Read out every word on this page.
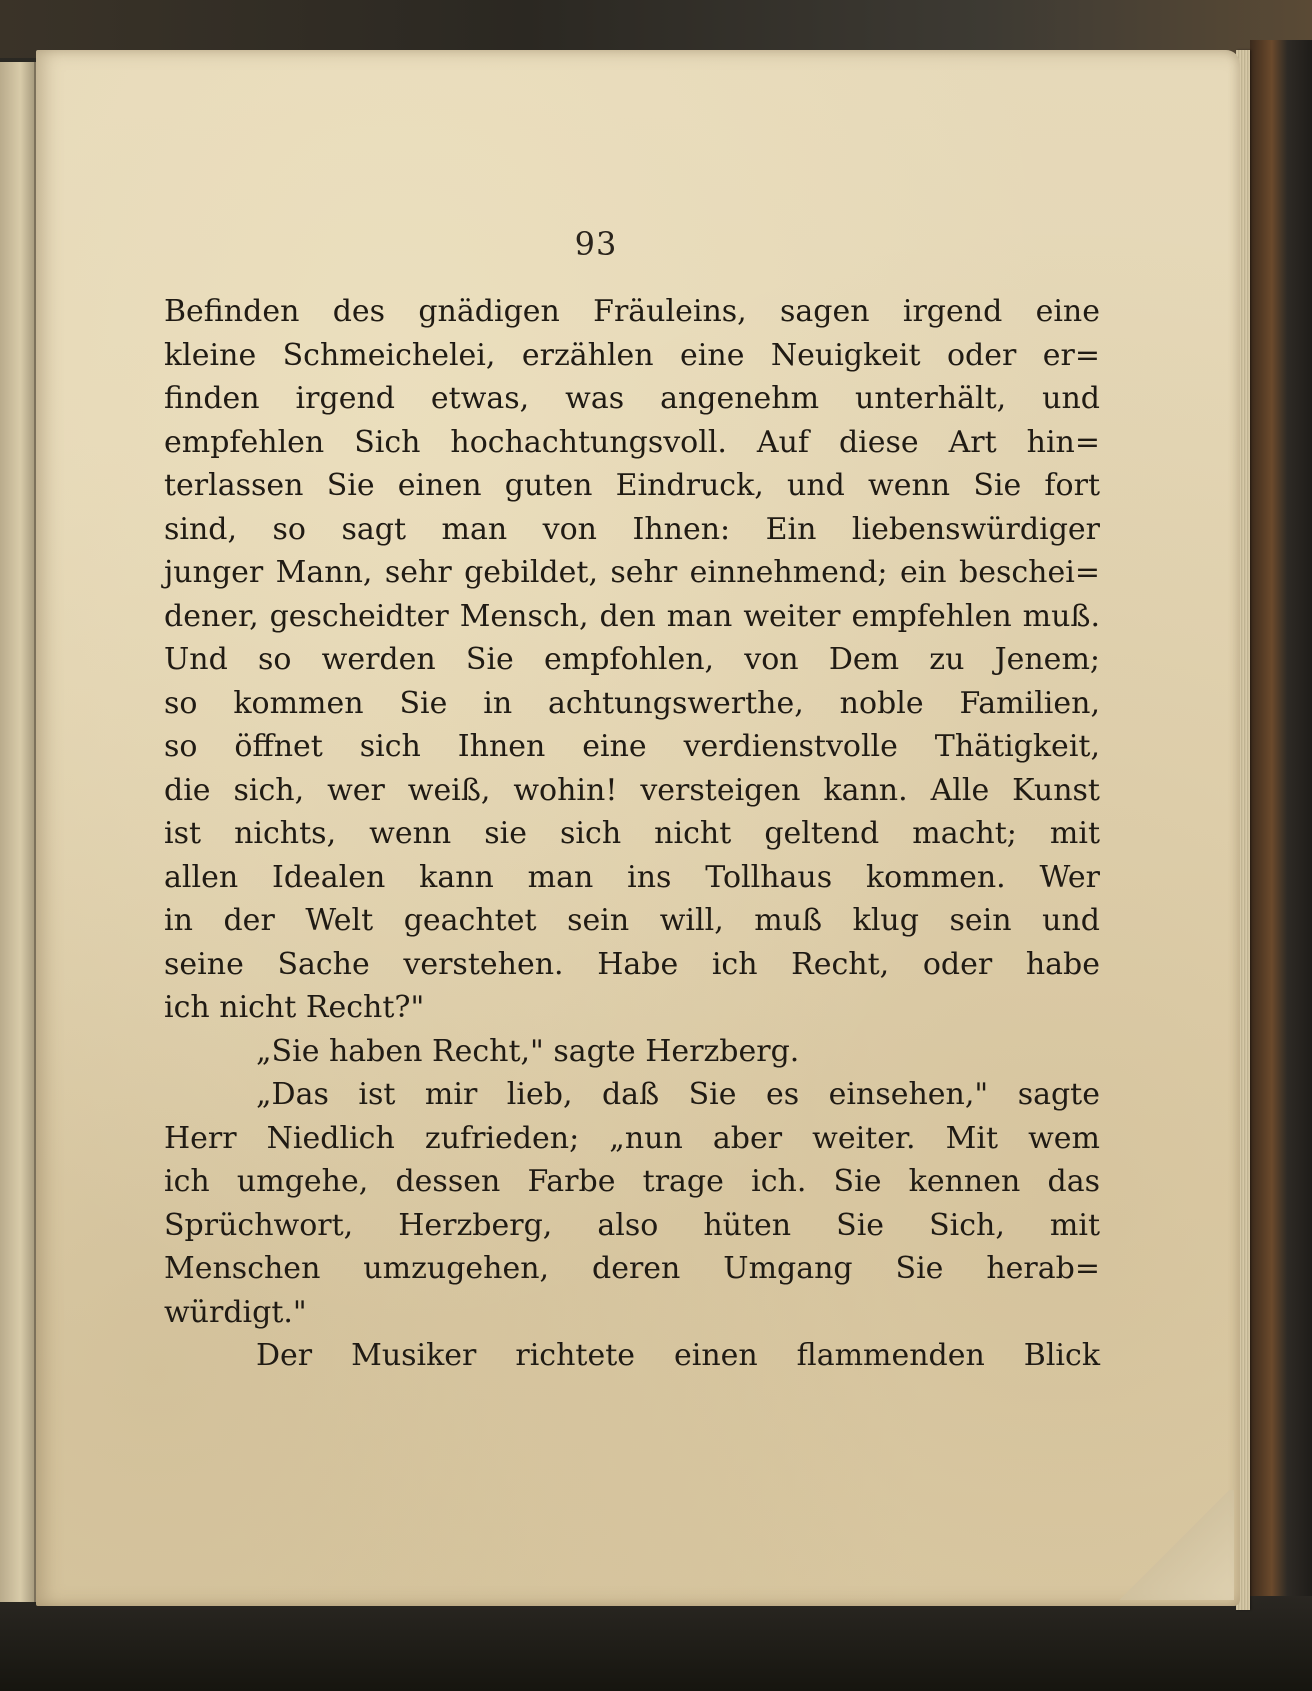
93
Befinden des gnädigen Fräuleins, sagen irgend eine
kleine Schmeichelei, erzählen eine Neuigkeit oder er=
finden irgend etwas, was angenehm unterhält, und
empfehlen Sich hochachtungsvoll. Auf diese Art hin=
terlassen Sie einen guten Eindruck, und wenn Sie fort
sind, so sagt man von Ihnen: Ein liebenswürdiger
junger Mann, sehr gebildet, sehr einnehmend; ein beschei=
dener, gescheidter Mensch, den man weiter empfehlen muß.
Und so werden Sie empfohlen, von Dem zu Jenem;
so kommen Sie in achtungswerthe, noble Familien,
so öffnet sich Ihnen eine verdienstvolle Thätigkeit,
die sich, wer weiß, wohin! versteigen kann. Alle Kunst
ist nichts, wenn sie sich nicht geltend macht; mit
allen Idealen kann man ins Tollhaus kommen. Wer
in der Welt geachtet sein will, muß klug sein und
seine Sache verstehen. Habe ich Recht, oder habe
ich nicht Recht?"
„Sie haben Recht," sagte Herzberg.
„Das ist mir lieb, daß Sie es einsehen," sagte
Herr Niedlich zufrieden; „nun aber weiter. Mit wem
ich umgehe, dessen Farbe trage ich. Sie kennen das
Sprüchwort, Herzberg, also hüten Sie Sich, mit
Menschen umzugehen, deren Umgang Sie herab=
würdigt."
Der Musiker richtete einen flammenden Blick
